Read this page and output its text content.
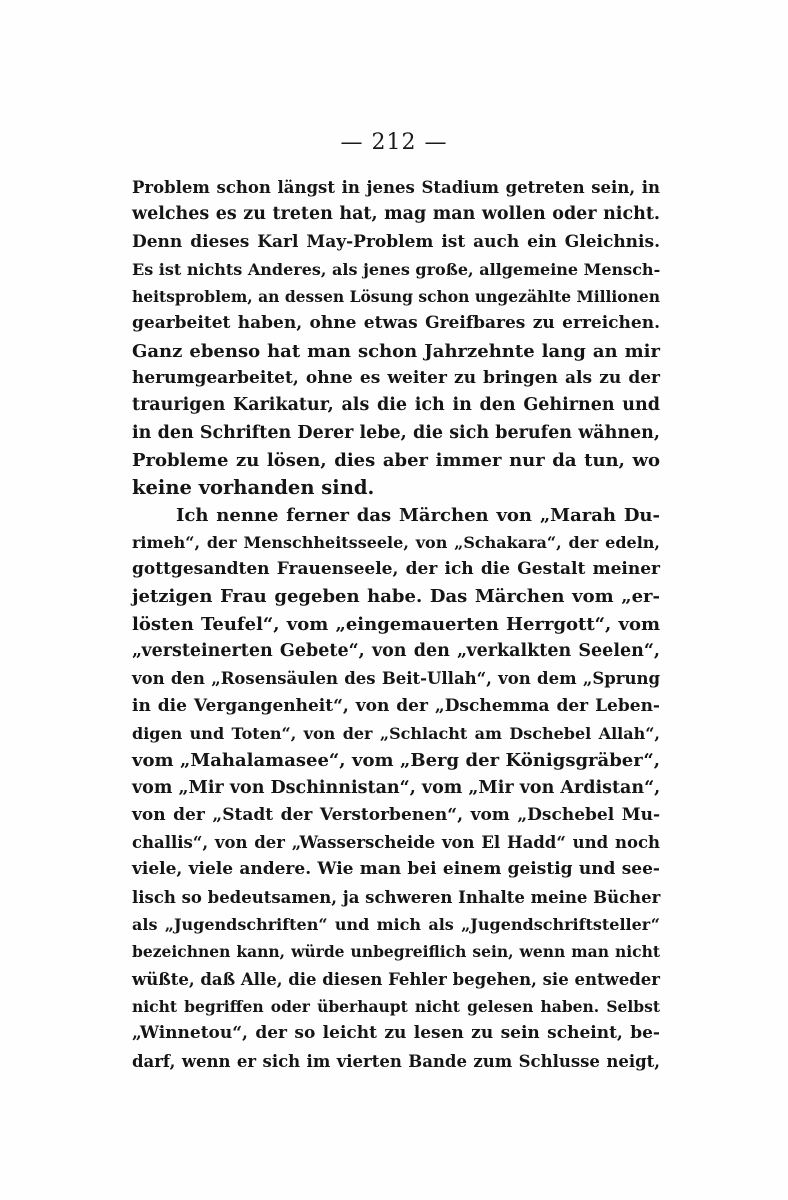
— 212 —
Problem schon längst in jenes Stadium getreten sein, in
welches es zu treten hat, mag man wollen oder nicht.
Denn dieses Karl May-Problem ist auch ein Gleichnis.
Es ist nichts Anderes, als jenes große, allgemeine Mensch-
heitsproblem, an dessen Lösung schon ungezählte Millionen
gearbeitet haben, ohne etwas Greifbares zu erreichen.
Ganz ebenso hat man schon Jahrzehnte lang an mir
herumgearbeitet, ohne es weiter zu bringen als zu der
traurigen Karikatur, als die ich in den Gehirnen und
in den Schriften Derer lebe, die sich berufen wähnen,
Probleme zu lösen, dies aber immer nur da tun, wo
keine vorhanden sind.
Ich nenne ferner das Märchen von „Marah Du-
rimeh“, der Menschheitsseele, von „Schakara“, der edeln,
gottgesandten Frauenseele, der ich die Gestalt meiner
jetzigen Frau gegeben habe. Das Märchen vom „er-
lösten Teufel“, vom „eingemauerten Herrgott“, vom
„versteinerten Gebete“, von den „verkalkten Seelen“,
von den „Rosensäulen des Beit-Ullah“, von dem „Sprung
in die Vergangenheit“, von der „Dschemma der Leben-
digen und Toten“, von der „Schlacht am Dschebel Allah“,
vom „Mahalamasee“, vom „Berg der Königsgräber“,
vom „Mir von Dschinnistan“, vom „Mir von Ardistan“,
von der „Stadt der Verstorbenen“, vom „Dschebel Mu-
challis“, von der „Wasserscheide von El Hadd“ und noch
viele, viele andere. Wie man bei einem geistig und see-
lisch so bedeutsamen, ja schweren Inhalte meine Bücher
als „Jugendschriften“ und mich als „Jugendschriftsteller“
bezeichnen kann, würde unbegreiflich sein, wenn man nicht
wüßte, daß Alle, die diesen Fehler begehen, sie entweder
nicht begriffen oder überhaupt nicht gelesen haben. Selbst
„Winnetou“, der so leicht zu lesen zu sein scheint, be-
darf, wenn er sich im vierten Bande zum Schlusse neigt,
